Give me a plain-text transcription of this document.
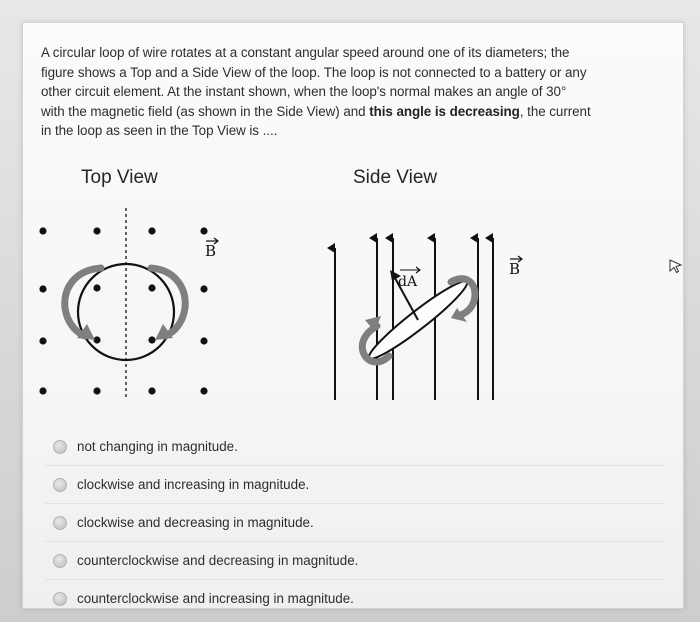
A circular loop of wire rotates at a constant angular speed around one of its diameters; the
figure shows a Top and a Side View of the loop. The loop is not connected to a battery or any
other circuit element. At the instant shown, when the loop's normal makes an angle of 30°
with the magnetic field (as shown in the Side View) and this angle is decreasing, the current
in the loop as seen in the Top View is ....
Top View	Side View
B
dA
B
not changing in magnitude.
clockwise and increasing in magnitude.
clockwise and decreasing in magnitude.
counterclockwise and decreasing in magnitude.
counterclockwise and increasing in magnitude.
